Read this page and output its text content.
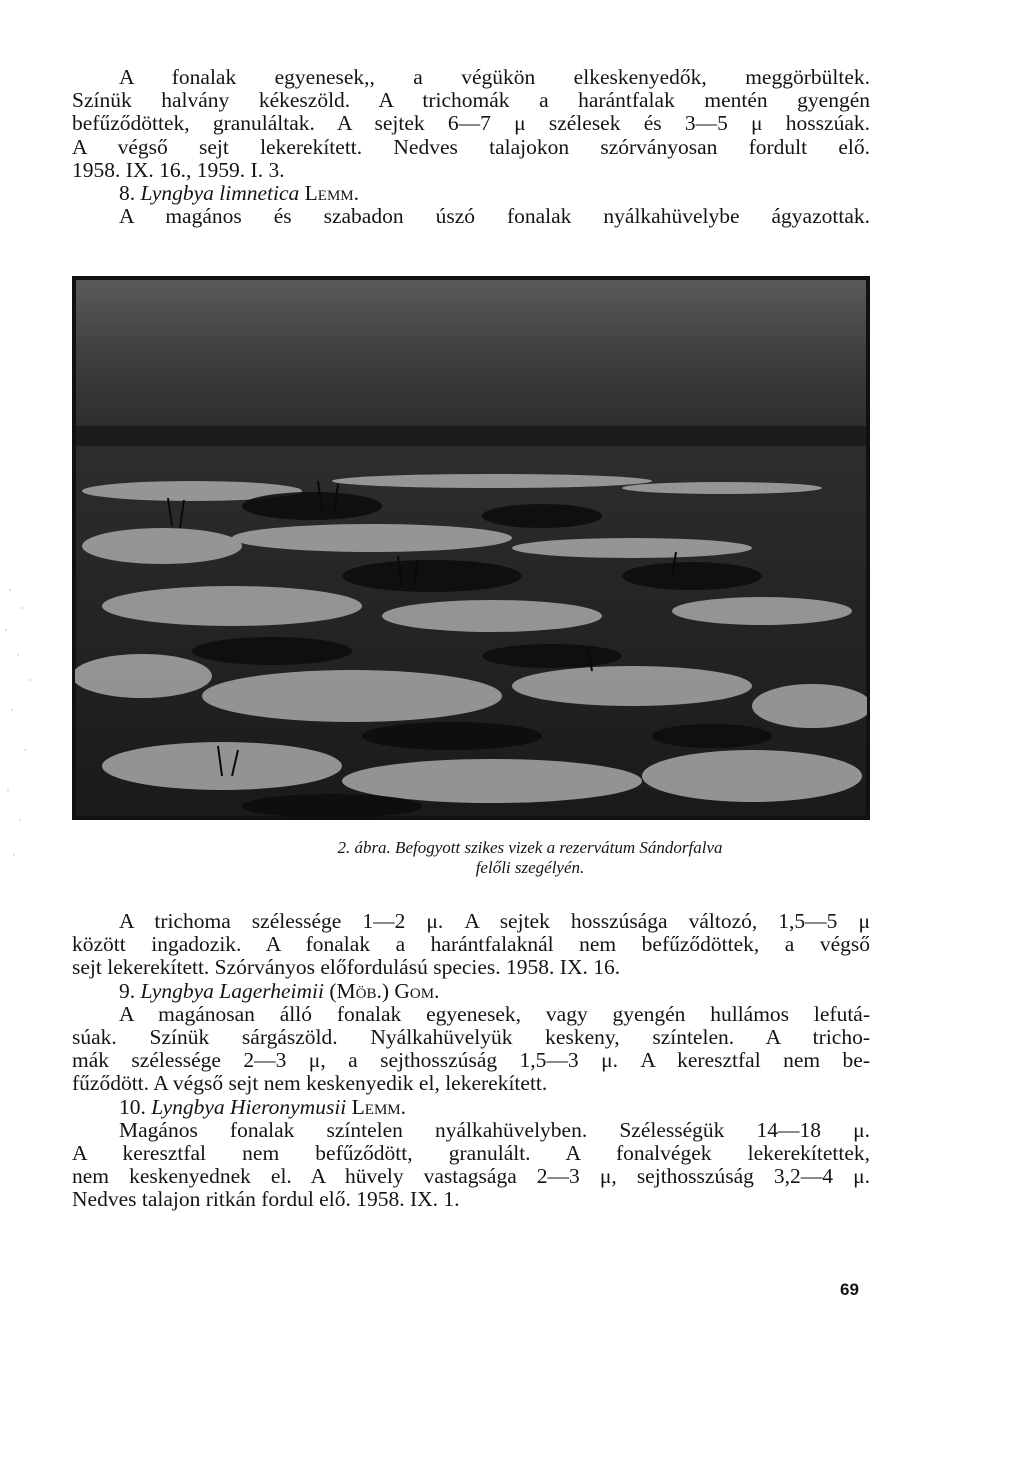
A fonalak egyenesek,, a végükön elkeskenyedők, meggörbültek.
Színük halvány kékeszöld. A trichomák a harántfalak mentén gyengén
befűződöttek, granuláltak. A sejtek 6—7 μ szélesek és 3—5 μ hosszúak.
A végső sejt lekerekített. Nedves talajokon szórványosan fordult elő.
1958. IX. 16., 1959. I. 3.
8. Lyngbya limnetica Lemm.
A magános és szabadon úszó fonalak nyálkahüvelybe ágyazottak.
2. ábra. Befogyott szikes vizek a rezervátum Sándorfalva
felőli szegélyén.
A trichoma szélessége 1—2 μ. A sejtek hosszúsága változó, 1,5—5 μ
között ingadozik. A fonalak a harántfalaknál nem befűződöttek, a végső
sejt lekerekített. Szórványos előfordulású species. 1958. IX. 16.
9. Lyngbya Lagerheimii (Möb.) Gom.
A magánosan álló fonalak egyenesek, vagy gyengén hullámos lefutá-
súak. Színük sárgászöld. Nyálkahüvelyük keskeny, színtelen. A tricho-
mák szélessége 2—3 μ, a sejthosszúság 1,5—3 μ. A keresztfal nem be-
fűződött. A végső sejt nem keskenyedik el, lekerekített.
10. Lyngbya Hieronymusii Lemm.
Magános fonalak színtelen nyálkahüvelyben. Szélességük 14—18 μ.
A keresztfal nem befűződött, granulált. A fonalvégek lekerekítettek,
nem keskenyednek el. A hüvely vastagsága 2—3 μ, sejthosszúság 3,2—4 μ.
Nedves talajon ritkán fordul elő. 1958. IX. 1.
69
